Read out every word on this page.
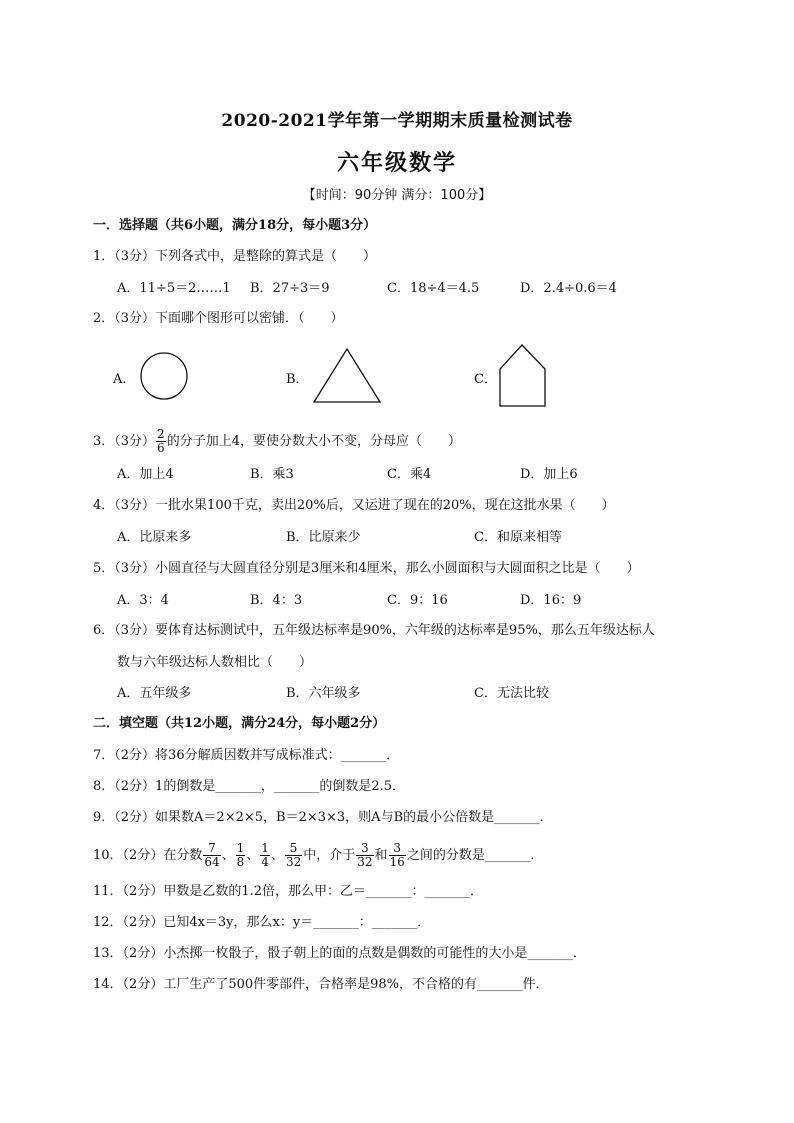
2020-2021学年第一学期期末质量检测试卷
六年级数学
【时间：90分钟 满分：100分】
一．选择题（共6小题，满分18分，每小题3分）
1．（3分）下列各式中，是整除的算式是（　　）
A．11÷5＝2……1 B．27÷3＝9	C．18÷4＝4.5	D．2.4÷0.6＝4
2．（3分）下面哪个图形可以密铺．（　　）
A．	B．	C．
3．（3分） $\frac{2}{6}$ 的分子加上4，要使分数大小不变，分母应（　　）
A．加上4	B．乘3	C．乘4	D．加上6
4．（3分）一批水果100千克，卖出20%后，又运进了现在的20%，现在这批水果（　　）
A．比原来多	B．比原来少	C．和原来相等
5．（3分）小圆直径与大圆直径分别是3厘米和4厘米，那么小圆面积与大圆面积之比是（　　）
A．3：4	B．4：3	C．9：16	D．16：9
6．（3分）要体育达标测试中，五年级达标率是90%，六年级的达标率是95%，那么五年级达标人
数与六年级达标人数相比（　　）
A．五年级多	B．六年级多	C．无法比较
二．填空题（共12小题，满分24分，每小题2分）
7．（2分）将36分解质因数并写成标准式：_______．
8．（2分）1的倒数是_______，_______的倒数是2.5．
9．（2分）如果数A＝2×2×5，B＝2×3×3，则A与B的最小公倍数是_______．
10．（2分）在分数 $\frac{7}{64}$ 、 $\frac{1}{8}$ 、 $\frac{1}{4}$ 、 $\frac{5}{32}$ 中，介于 $\frac{3}{32}$ 和 $\frac{3}{16}$ 之间的分数是_______．
11．（2分）甲数是乙数的1.2倍，那么甲：乙＝_______：_______．
12．（2分）已知4x＝3y，那么x：y＝_______：_______．
13．（2分）小杰掷一枚骰子，骰子朝上的面的点数是偶数的可能性的大小是_______．
14．（2分）工厂生产了500件零部件，合格率是98%，不合格的有_______件．
